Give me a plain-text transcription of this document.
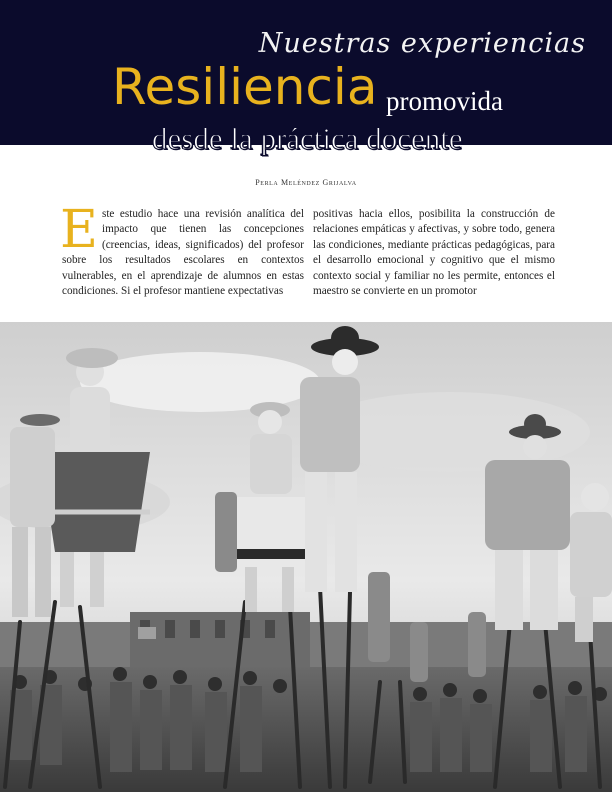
Nuestras experiencias
Resiliencia promovida
desde la práctica docente
Perla Meléndez Grijalva
Este estudio hace una revisión analítica del impacto que tienen las concepciones (creencias, ideas, significados) del profesor sobre los resultados escolares en contextos vulnerables, en el aprendizaje de alumnos en estas condiciones. Si el profesor mantiene expectativas
positivas hacia ellos, posibilita la construcción de relaciones empáticas y afectivas, y sobre todo, genera las condiciones, mediante prácticas pedagógicas, para el desarrollo emocional y cognitivo que el mismo contexto social y familiar no les permite, entonces el maestro se convierte en un promotor
